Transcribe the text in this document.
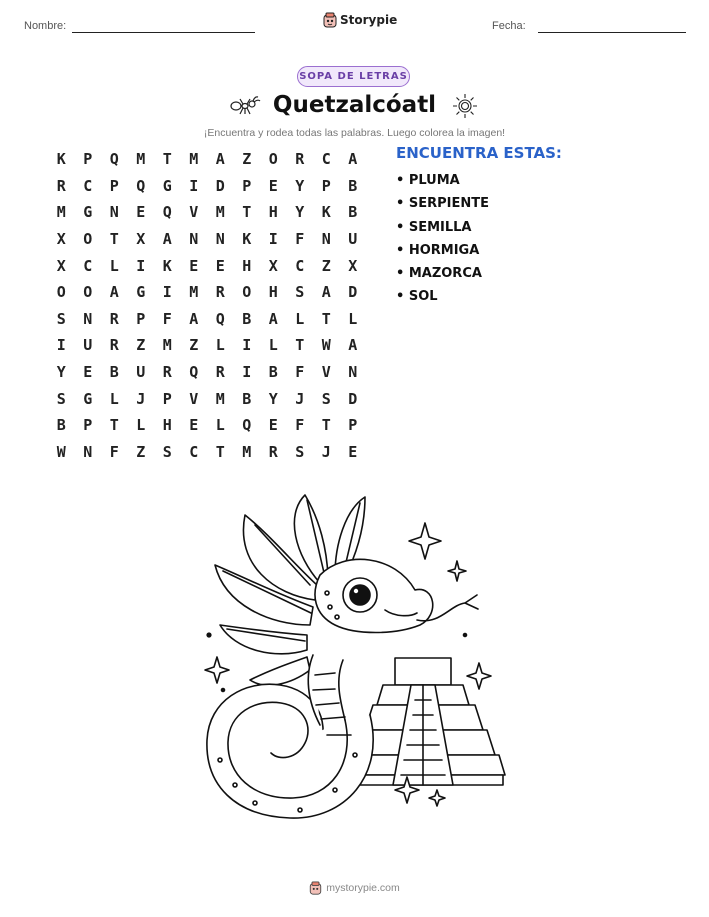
Nombre:	Storypie	Fecha:
SOPA DE LETRAS
Quetzalcóatl
¡Encuentra y rodea todas las palabras. Luego colorea la imagen!
K	P	Q	M	T	M	A	Z	O	R	C	A
R	C	P	Q	G	I	D	P	E	Y	P	B
M	G	N	E	Q	V	M	T	H	Y	K	B
X	O	T	X	A	N	N	K	I	F	N	U
X	C	L	I	K	E	E	H	X	C	Z	X
O	O	A	G	I	M	R	O	H	S	A	D
S	N	R	P	F	A	Q	B	A	L	T	L
I	U	R	Z	M	Z	L	I	L	T	W	A
Y	E	B	U	R	Q	R	I	B	F	V	N
S	G	L	J	P	V	M	B	Y	J	S	D
B	P	T	L	H	E	L	Q	E	F	T	P
W	N	F	Z	S	C	T	M	R	S	J	E
ENCUENTRA ESTAS:
• PLUMA
• SERPIENTE
• SEMILLA
• HORMIGA
• MAZORCA
• SOL
mystorypie.com
